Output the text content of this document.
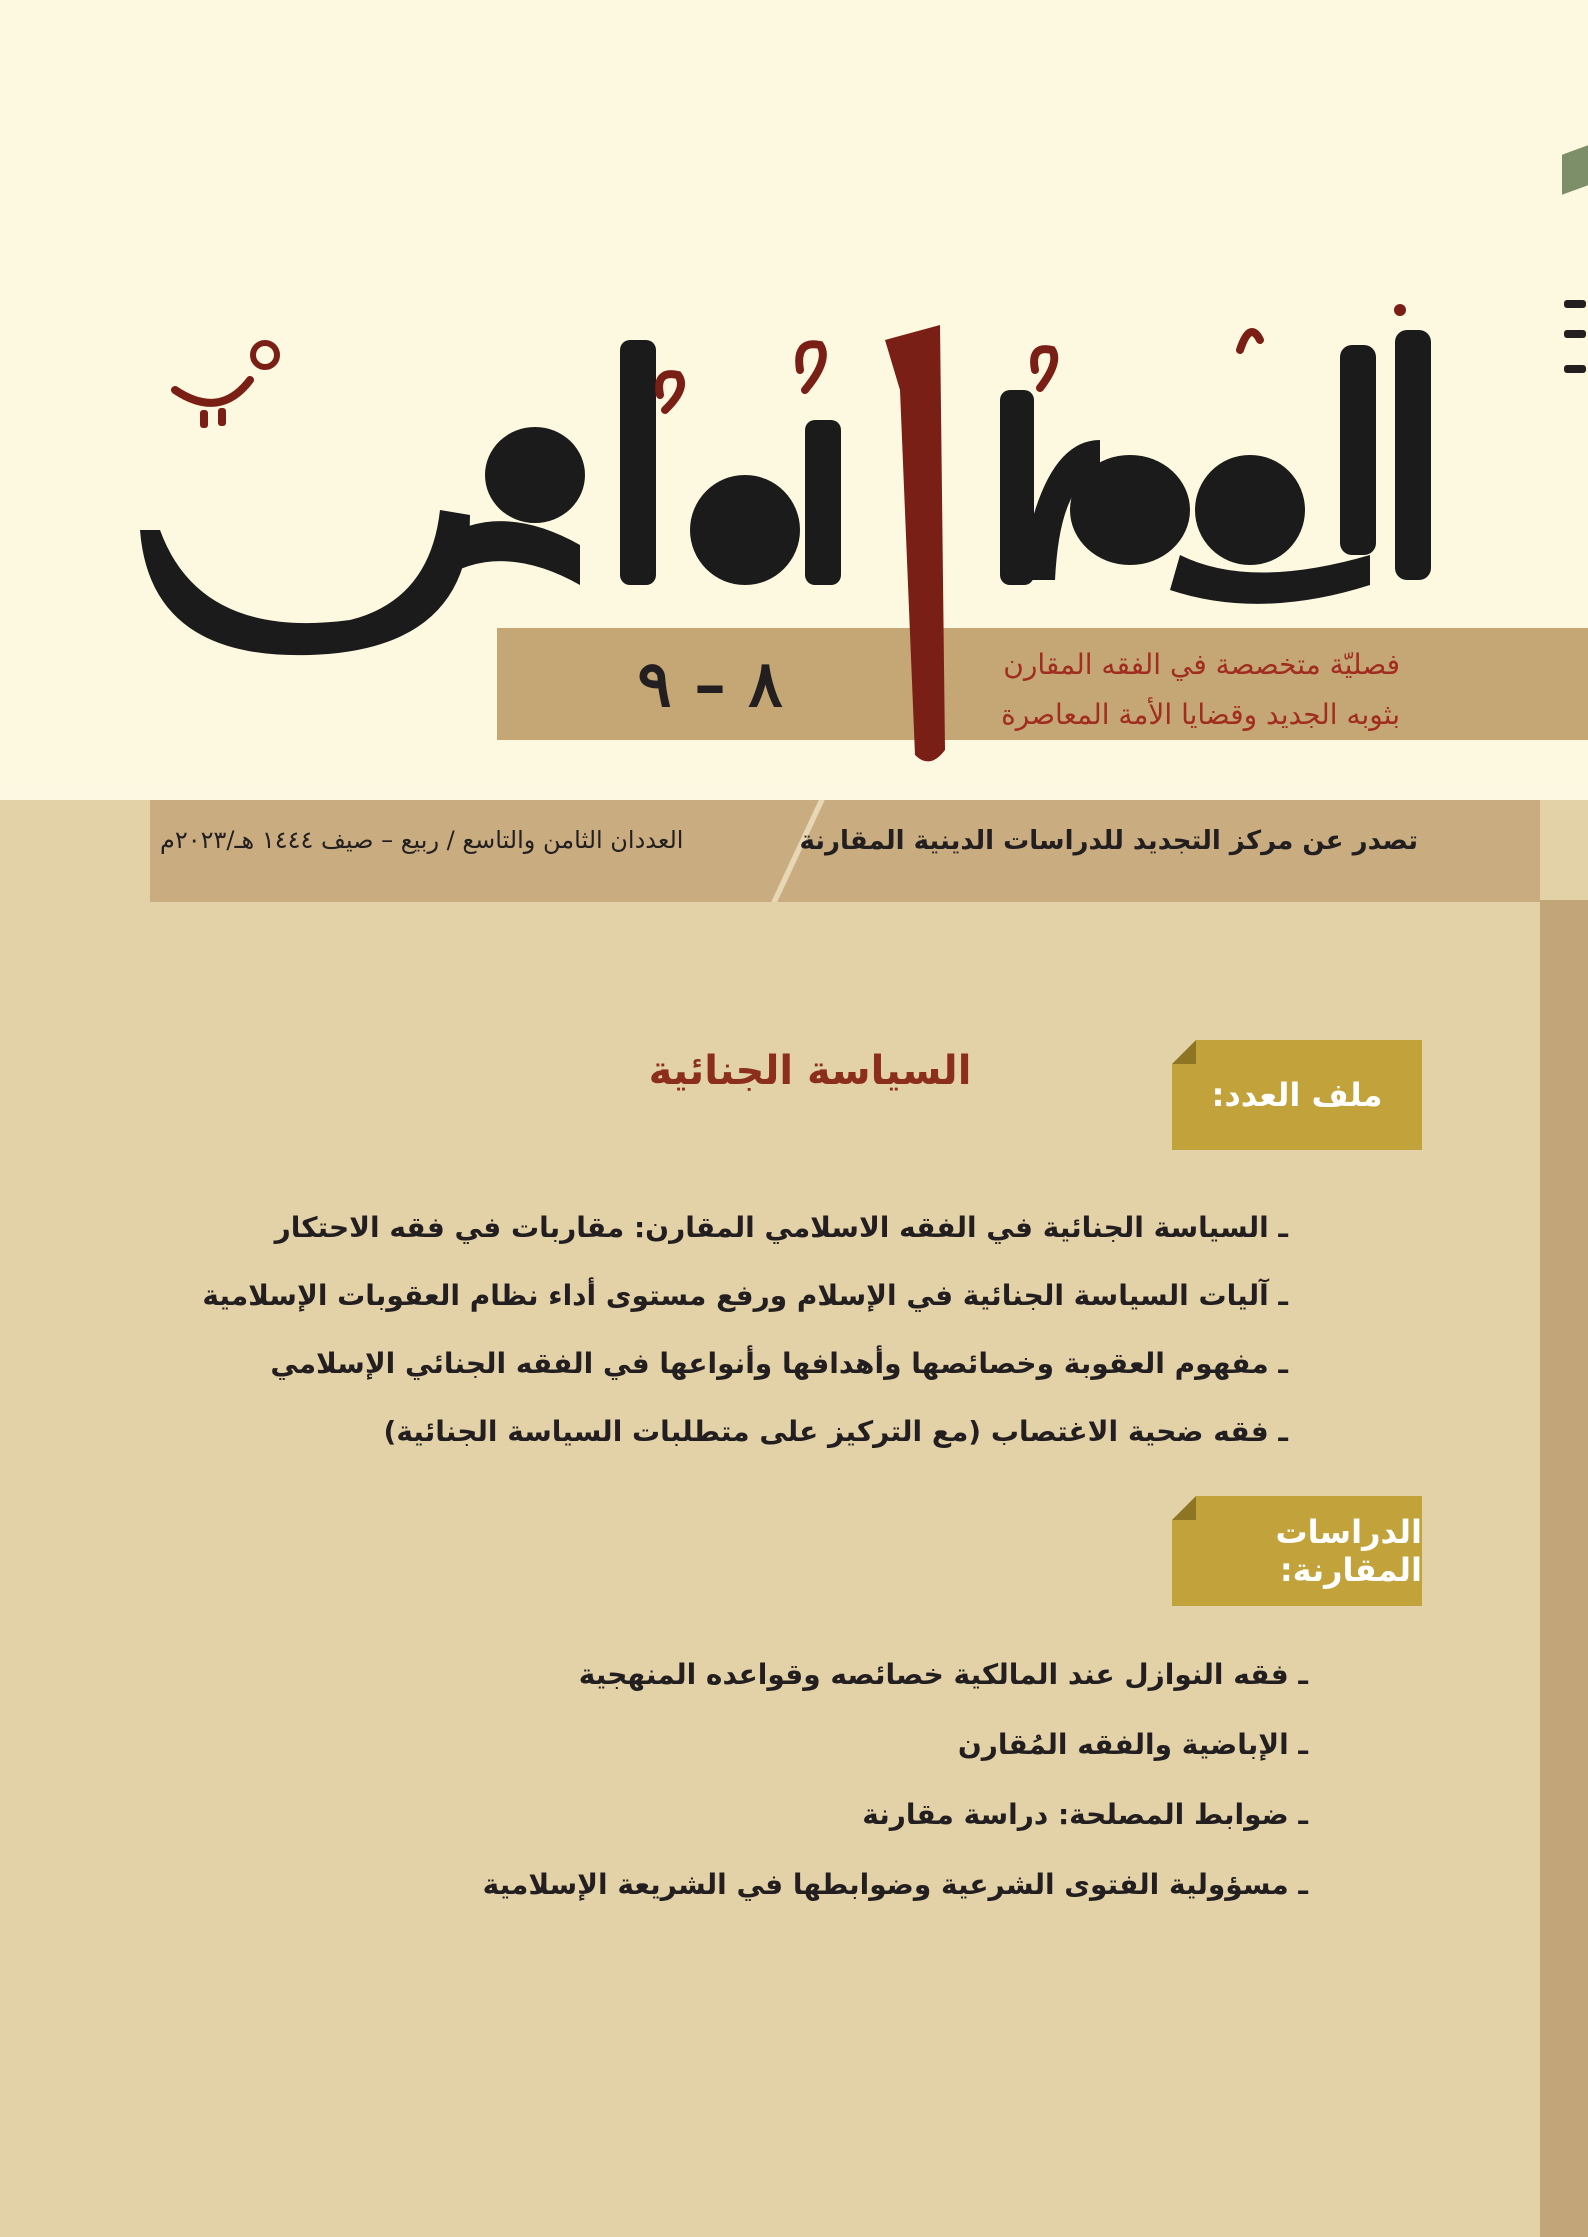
٨ – ٩	فصليّة متخصصة في الفقه المقارن
بثوبه الجديد وقضايا الأمة المعاصرة
تصدر عن مركز التجديد للدراسات الدينية المقارنة
العددان الثامن والتاسع / ربيع – صيف ١٤٤٤ هـ/٢٠٢٣م
ملف العدد:
السياسة الجنائية
ـ السياسة الجنائية في الفقه الاسلامي المقارن: مقاربات في فقه الاحتكار
ـ آليات السياسة الجنائية في الإسلام ورفع مستوى أداء نظام العقوبات الإسلامية
ـ مفهوم العقوبة وخصائصها وأهدافها وأنواعها في الفقه الجنائي الإسلامي
ـ فقه ضحية الاغتصاب (مع التركيز على متطلبات السياسة الجنائية)
الدراسات المقارنة:
ـ فقه النوازل عند المالكية خصائصه وقواعده المنهجية
ـ الإباضية والفقه المُقارن
ـ ضوابط المصلحة: دراسة مقارنة
ـ مسؤولية الفتوى الشرعية وضوابطها في الشريعة الإسلامية
